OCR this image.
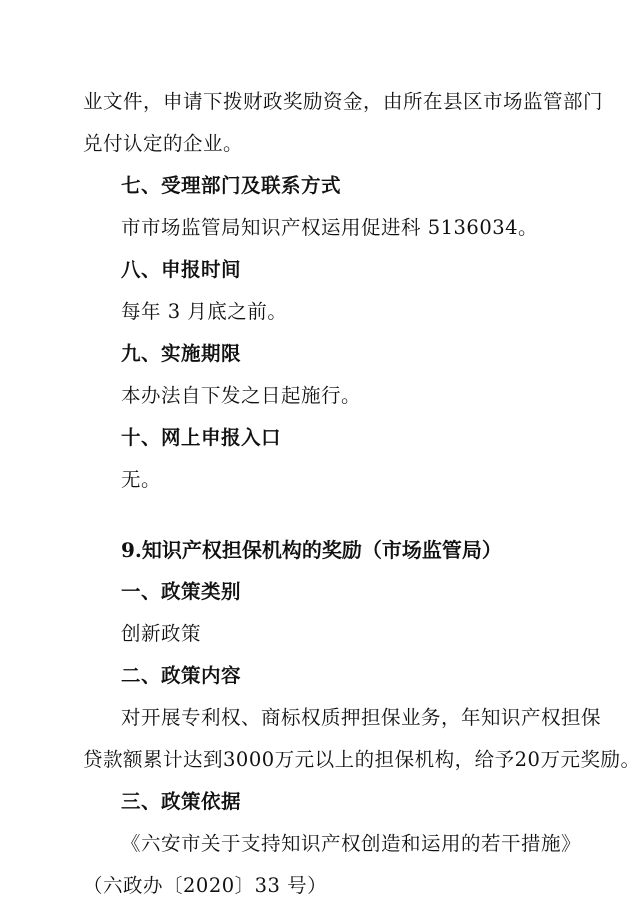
业文件，申请下拨财政奖励资金，由所在县区市场监管部门
兑付认定的企业。
七、受理部门及联系方式
市市场监管局知识产权运用促进科 5136034。
八、申报时间
每年 3 月底之前。
九、实施期限
本办法自下发之日起施行。
十、网上申报入口
无。
9.知识产权担保机构的奖励（市场监管局）
一、政策类别
创新政策
二、政策内容
对开展专利权、商标权质押担保业务，年知识产权担保
贷款额累计达到3000万元以上的担保机构，给予20万元奖励。
三、政策依据
《六安市关于支持知识产权创造和运用的若干措施》
（六政办〔2020〕33 号）
